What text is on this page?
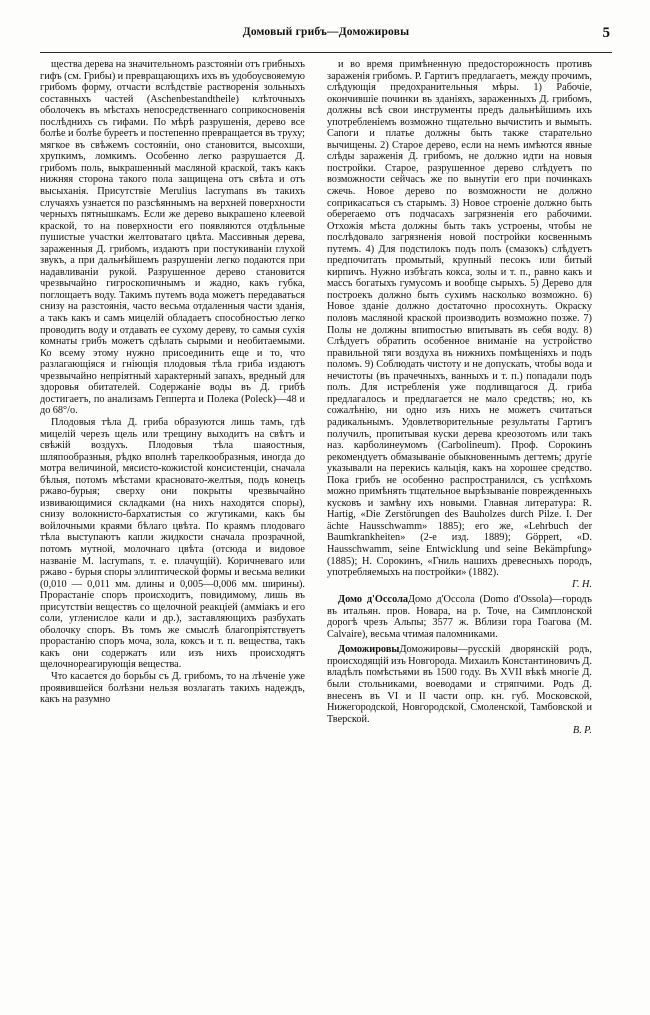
Домовый грибъ—Доможировы	5

щества дерева на значительномъ разстоянiи отъ грибныхъ гифъ (см. Грибы) и превращающихъ ихъ въ удобоусвояемую грибомъ форму, отчасти вслѣдствiе растворенiя зольныхъ составныхъ частей (Aschenbestandtheile) клѣточныхъ оболочекъ въ мѣстахъ непосредственнаго соприкосновенiя послѣднихъ съ гифами. По мѣрѣ разрушенiя, дерево все болѣе и болѣе буреетъ и постепенно превращается въ труху; мягкое въ свѣжемъ состоянiи, оно становится, высохши, хрупкимъ, ломкимъ. Особенно легко разрушается Д. грибомъ поль, выкрашенный масляной краской, такъ какъ нижняя сторона такого пола защищена отъ свѣта и отъ высыханiя. Присутствiе Merulius lacrymans въ такихъ случаяхъ узнается по разсѣяннымъ на верхней поверхности черныхъ пятнышкамъ. Если же дерево выкрашено клеевой краской, то на поверхности его появляются отдѣльные пушистые участки желтоватаго цвѣта. Массивныя дерева, зараженныя Д. грибомъ, издаютъ при постукиванiи глухой звукъ, а при дальнѣйшемъ разрушенiи легко подаются при надавливанiи рукой. Разрушенное дерево становится чрезвычайно гигроскопичнымъ и жадно, какъ губка, поглощаетъ воду. Такимъ путемъ вода можетъ передаваться снизу на разстоянiя, часто весьма отдаленныя части зданiя, а такъ какъ и самъ мицелiй обладаетъ способностью легко проводить воду и отдавать ее сухому дереву, то самыя сухiя комнаты грибъ можетъ сдѣлать сырыми и необитаемыми. Ко всему этому нужно присоединить еще и то, что разлагающiяся и гнiющiя плодовыя тѣла гриба издаютъ чрезвычайно непрiятный характерный запахъ, вредный для здоровья обитателей. Содержанiе воды въ Д. грибѣ достигаетъ, по анализамъ Гепперта и Полека (Poleck)—48 и до 68°/о.

Плодовыя тѣла Д. гриба образуются лишь тамъ, гдѣ мицелiй черезъ щель или трещину выходитъ на свѣтъ и свѣжiй воздухъ. Плодовыя тѣла шаяостныя, шляпообразныя, рѣдко вполнѣ тарелкообразныя, иногда до мотра величиной, мясисто-кожистой консистенцiи, сначала бѣлыя, потомъ мѣстами красновато-желтыя, подъ конецъ ржаво-бурыя; сверху они покрыты чрезвычайно извивающимися складками (на нихъ находятся споры), снизу волокнисто-бархатистыя со жгутиками, какъ бы войлочными краями бѣлаго цвѣта. По краямъ плодоваго тѣла выступаютъ капли жидкости сначала прозрачной, потомъ мутной, молочнаго цвѣта (отсюда и видовое названiе M. lacrymans, т. е. плачущiй). Коричневаго или ржаво - бурыя споры эллиптической формы и весьма велики (0,010 — 0,011 мм. длины и 0,005—0,006 мм. ширины). Прорастанiе споръ происходитъ, повидимому, лишь въ присутствiи веществъ со щелочной реакцiей (аммiакъ и его соли, угленислое кали и др.), заставляющихъ разбухать оболочку споръ. Въ томъ же смыслѣ благопрiятствуетъ прорастанiю споръ моча, зола, коксъ и т. п. вещества, такъ какъ они содержатъ или изъ нихъ происходятъ щелочнореагирующiя вещества.

Что касается до борьбы съ Д. грибомъ, то на лѣченiе уже проявившейся болѣзни нельзя возлагать такихъ надеждъ, какъ на разумно

и во время примѣненную предосторожность противъ зараженiя грибомъ. Р. Гартигъ предлагаетъ, между прочимъ, слѣдующiя предохранительныя мѣры. 1) Рабочiе, окончившiе починки въ зданiяхъ, зараженныхъ Д. грибомъ, должны всѣ свои инструменты предъ дальнѣйшимъ ихъ употребленiемъ возможно тщательно вычистить и вымыть. Сапоги и платье должны быть также старательно вычищены. 2) Старое дерево, если на немъ имѣются явные слѣды зараженiя Д. грибомъ, не должно идти на новыя постройки. Старое, разрушенное дерево слѣдуетъ по возможности сейчасъ же по вынутiи его при починкахъ сжечь. Новое дерево по возможности не должно соприкасаться съ старымъ. 3) Новое строенiе должно быть обереraемо отъ подчасахъ загрязненiя его рабочими. Отхожiя мѣста должны быть такъ устроены, чтобы не послѣдовало загрязненiя новой постройки косвеннымъ путемъ. 4) Для подстилокъ подъ полъ (смазокъ) слѣдуетъ предпочитать промытый, крупный песокъ или битый кирпичъ. Нужно избѣгать кокса, золы и т. п., равно какъ и массъ богатыхъ гумусомъ и вообще сырыхъ. 5) Дерево для построекъ должно быть сухимъ насколько возможно. 6) Новое зданiе должно достаточно просохнуть. Окраску половъ масляной краской производить возможно позже. 7) Полы не должны впиmocтью впитывать въ себя воду. 8) Слѣдуетъ обратить особенное вниманiе на устройство правильной тяги воздуха въ нижнихъ помѣщенiяхъ и подъ поломъ. 9) Соблюдать чистоту и не допускать, чтобы вода и нечистоты (въ прачечныхъ, ванныхъ и т. п.) попадали подъ полъ. Для истребленiя уже подливщагося Д. гриба предлагалось и предлагается не мало средствъ; но, къ сожалѣнiю, ни одно изъ нихъ не можетъ считаться радикальнымъ. Удовлетворительные результаты Гартигъ получилъ, пропитывая куски дерева креозотомъ или такъ наз. карболинеумомъ (Carbolineum). Проф. Сорокинъ рекомендуетъ обмазыванiе обыкновеннымъ дегтемъ; другiе указывали на перекись кальцiя, какъ на хорошее средство. Пока грибъ не особенно распространился, съ успѣхомъ можно примѣнять тщательное вырѣзыванiе поврежденныхъ кусковъ и замѣну ихъ новыми. Главная литература: R. Hartig, «Die Zerstörungen des Bauholzes durch Pilze. I. Der ächte Hausschwamm» 1885); его же, «Lehrbuch der Baumkrankheiten» (2-е изд. 1889); Göppert, «D. Hausschwamm, seine Entwicklung und seine Bekämpfung» (1885); Н. Сорокинъ, «Гниль нашихъ древесныхъ породъ, употребляемыхъ на постройки» (1882).

Г. Н.

Домо д'ОссолаДомо д'Оссола (Domo d'Ossola)—городъ въ итальян. пров. Новара, на р. Точе, на Симплонской дорогѣ чрезъ Альпы; 3577 ж. Вблизи гора Гоагова (M. Calvaire), весьма чтимая паломниками.

ДоможировыДоможировы—русскiй дворянскiй родъ, происходящiй изъ Новгорода. Михаилъ Константиновичъ Д. владѣлъ помѣстьями въ 1500 году. Въ XVII вѣкѣ многiе Д. были стольниками, воеводами и стряпчими. Родъ Д. внесенъ въ VI и II части опр. кн. губ. Московской, Нижегородской, Новгородской, Смоленской, Тамбовской и Тверской.

В. Р.
